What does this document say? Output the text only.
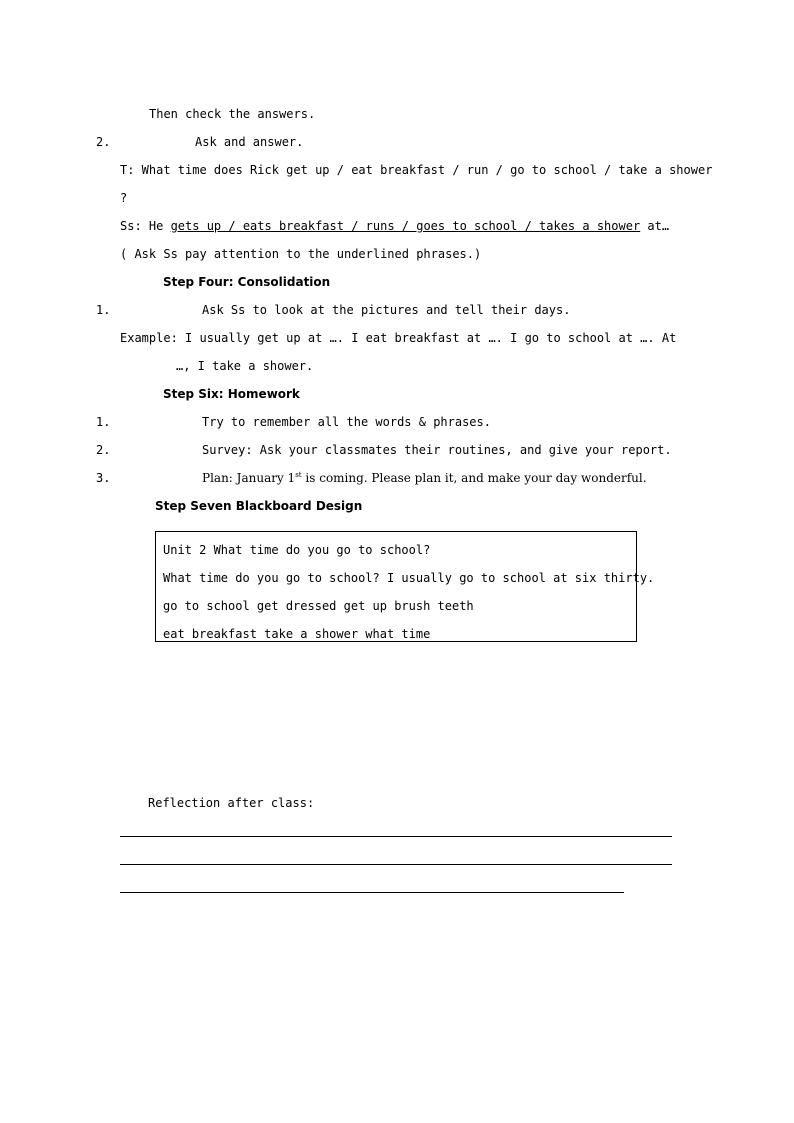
Then check the answers.
2.	Ask and answer.
T: What time does Rick get up / eat breakfast / run / go to school / take a shower
?
Ss: He gets up / eats breakfast / runs / goes to school / takes a shower at…
( Ask Ss pay attention to the underlined phrases.)
Step Four: Consolidation
1.	Ask Ss to look at the pictures and tell their days.
Example: I usually get up at …. I eat breakfast at …. I go to school at …. At
…, I take a shower.
Step Six: Homework
1.	Try to remember all the words & phrases.
2.	Survey: Ask your classmates their routines, and give your report.
3.	Plan: January 1st is coming. Please plan it, and make your day wonderful.
Step Seven Blackboard Design
Unit 2 What time do you go to school?
What time do you go to school? I usually go to school at six thirty.
go to school get dressed get up brush teeth
eat breakfast take a shower what time
Reflection after class:
